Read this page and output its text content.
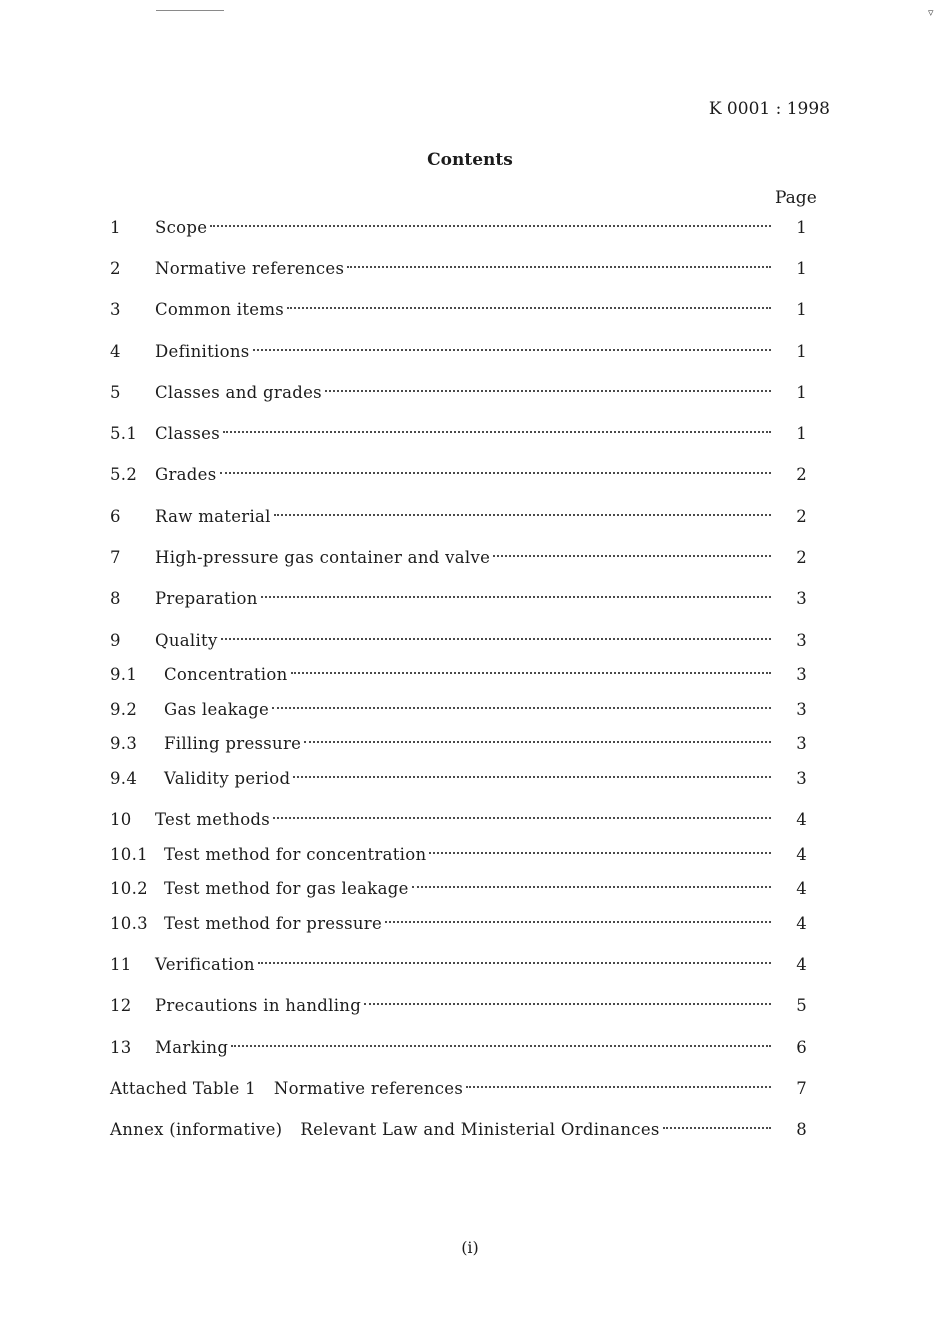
▿
K 0001 : 1998
Contents
Page
1	Scope	1
2	Normative references	1
3	Common items	1
4	Definitions	1
5	Classes and grades	1
5.1	Classes	1
5.2	Grades	2
6	Raw material	2
7	High-pressure gas container and valve	2
8	Preparation	3
9	Quality	3
9.1	Concentration	3
9.2	Gas leakage	3
9.3	Filling pressure	3
9.4	Validity period	3
10	Test methods	4
10.1 Test method for concentration	4
10.2 Test method for gas leakage	4
10.3 Test method for pressure	4
11	Verification	4
12	Precautions in handling	5
13	Marking	6
Attached Table 1 Normative references	7
Annex (informative) Relevant Law and Ministerial Ordinances	8
(i)
